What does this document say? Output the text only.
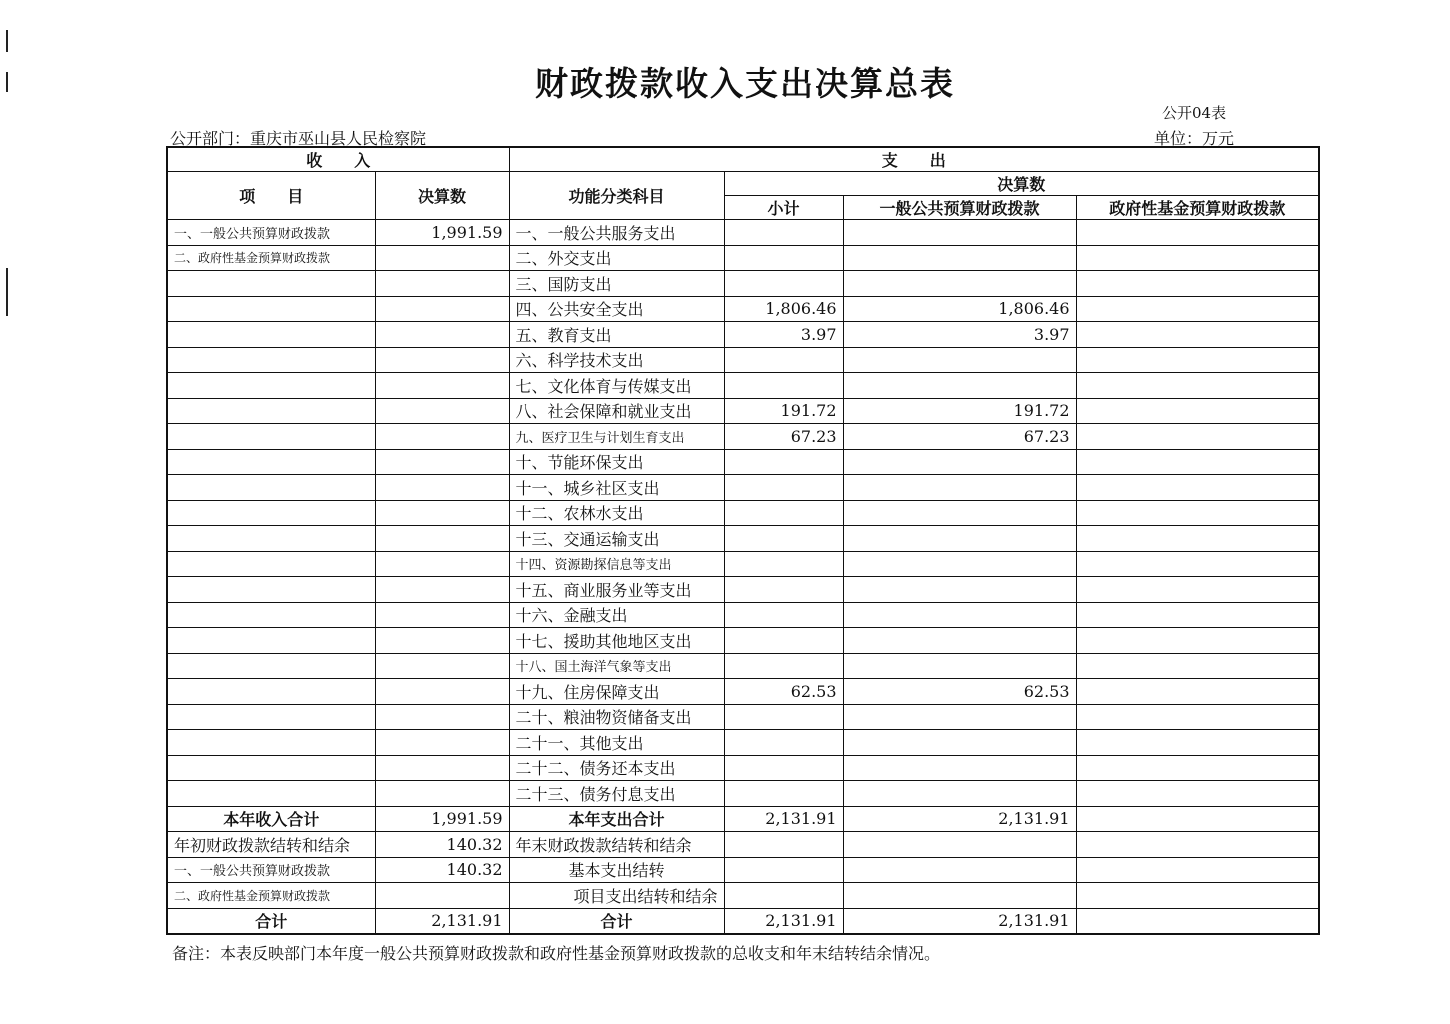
财政拨款收入支出决算总表
公开04表
公开部门：重庆市巫山县人民检察院	单位：万元
收　　入		支　　出			
项　　目	决算数	功能分类科目	决算数		
			小计	一般公共预算财政拨款	政府性基金预算财政拨款
一、一般公共预算财政拨款	1,991.59	一、一般公共服务支出			
二、政府性基金预算财政拨款		二、外交支出			
		三、国防支出			
		四、公共安全支出	1,806.46	1,806.46	
		五、教育支出	3.97	3.97	
		六、科学技术支出			
		七、文化体育与传媒支出			
		八、社会保障和就业支出	191.72	191.72	
		九、医疗卫生与计划生育支出	67.23	67.23	
		十、节能环保支出			
		十一、城乡社区支出			
		十二、农林水支出			
		十三、交通运输支出			
		十四、资源勘探信息等支出			
		十五、商业服务业等支出			
		十六、金融支出			
		十七、援助其他地区支出			
		十八、国土海洋气象等支出			
		十九、住房保障支出	62.53	62.53	
		二十、粮油物资储备支出			
		二十一、其他支出			
		二十二、债务还本支出			
		二十三、债务付息支出			
本年收入合计	1,991.59	本年支出合计	2,131.91	2,131.91	
年初财政拨款结转和结余	140.32	年末财政拨款结转和结余			
一、一般公共预算财政拨款	140.32	基本支出结转			
二、政府性基金预算财政拨款		项目支出结转和结余			
合计	2,131.91	合计	2,131.91	2,131.91	
备注：本表反映部门本年度一般公共预算财政拨款和政府性基金预算财政拨款的总收支和年末结转结余情况。
